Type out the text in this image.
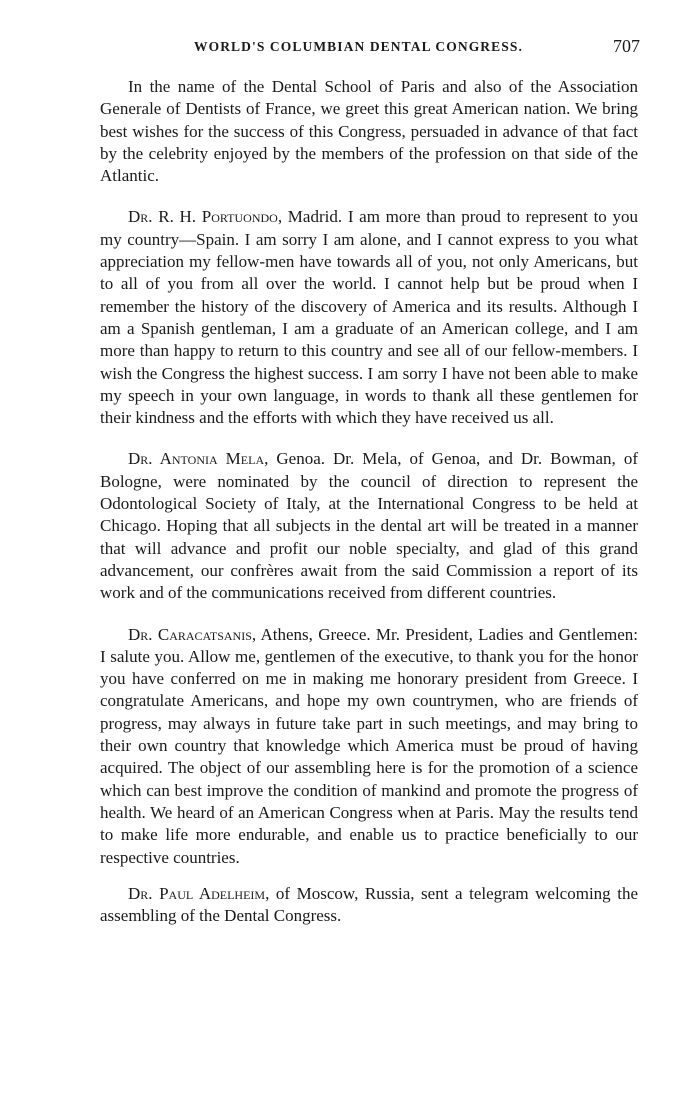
WORLD'S COLUMBIAN DENTAL CONGRESS.	707

In the name of the Dental School of Paris and also of the Association Generale of Dentists of France, we greet this great American nation. We bring best wishes for the success of this Congress, persuaded in advance of that fact by the celebrity enjoyed by the members of the profession on that side of the Atlantic.

Dr. R. H. Portuondo, Madrid. I am more than proud to represent to you my country—Spain. I am sorry I am alone, and I cannot express to you what appreciation my fellow-men have towards all of you, not only Americans, but to all of you from all over the world. I cannot help but be proud when I remember the history of the discovery of America and its results. Although I am a Spanish gentleman, I am a graduate of an American college, and I am more than happy to return to this country and see all of our fellow-members. I wish the Congress the highest success. I am sorry I have not been able to make my speech in your own language, in words to thank all these gentlemen for their kindness and the efforts with which they have received us all.

Dr. Antonia Mela, Genoa. Dr. Mela, of Genoa, and Dr. Bowman, of Bologne, were nominated by the council of direction to represent the Odontological Society of Italy, at the International Congress to be held at Chicago. Hoping that all subjects in the dental art will be treated in a manner that will advance and profit our noble specialty, and glad of this grand advancement, our confrères await from the said Commission a report of its work and of the communications received from different countries.

Dr. Caracatsanis, Athens, Greece. Mr. President, Ladies and Gentlemen: I salute you. Allow me, gentlemen of the executive, to thank you for the honor you have conferred on me in making me honorary president from Greece. I congratulate Americans, and hope my own countrymen, who are friends of progress, may always in future take part in such meetings, and may bring to their own country that knowledge which America must be proud of having acquired. The object of our assembling here is for the promotion of a science which can best improve the condition of mankind and promote the progress of health. We heard of an American Congress when at Paris. May the results tend to make life more endurable, and enable us to practice beneficially to our respective countries.

Dr. Paul Adelheim, of Moscow, Russia, sent a telegram welcoming the assembling of the Dental Congress.
